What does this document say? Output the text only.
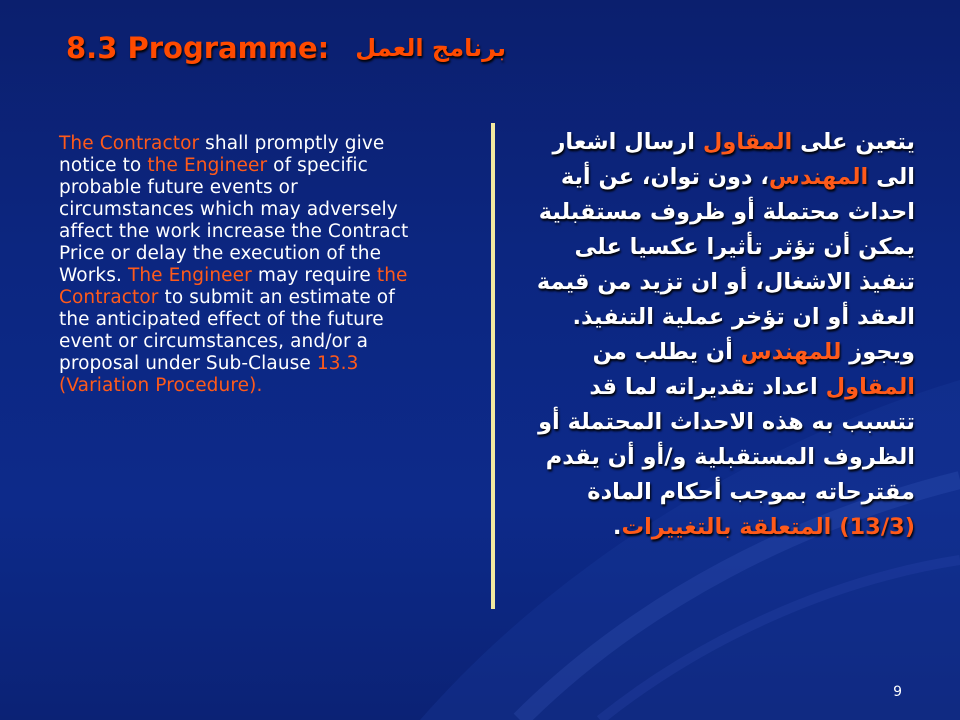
8.3 Programme: برنامج العمل
The Contractor shall promptly give notice to the Engineer of specific probable future events or circumstances which may adversely affect the work increase the Contract Price or delay the execution of the Works. The Engineer may require the Contractor to submit an estimate of the anticipated effect of the future event or circumstances, and/or a proposal under Sub-Clause 13.3 (Variation Procedure).
يتعين على المقاول ارسال اشعار الى المهندس، دون توان، عن أية احداث محتملة أو ظروف مستقبلية يمكن أن تؤثر تأثيرا عكسيا على تنفيذ الاشغال، أو ان تزيد من قيمة العقد أو ان تؤخر عملية التنفيذ. ويجوز للمهندس أن يطلب من المقاول اعداد تقديراته لما قد تتسبب به هذه الاحداث المحتملة أو الظروف المستقبلية و/أو أن يقدم مقترحاته بموجب أحكام المادة (13/3) المتعلقة بالتغييرات.
9
